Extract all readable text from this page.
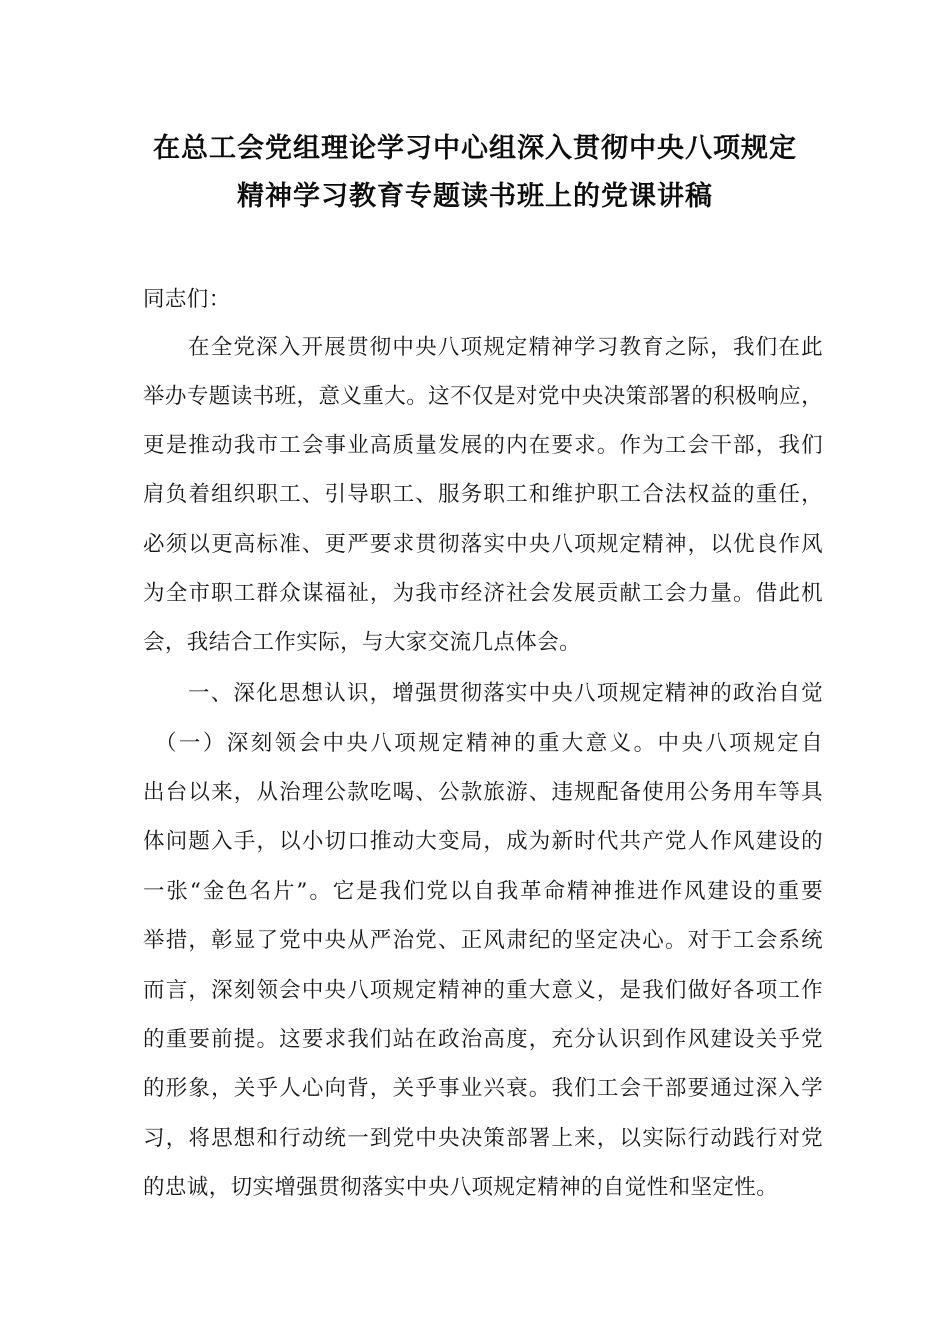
在总工会党组理论学习中心组深入贯彻中央八项规定
精神学习教育专题读书班上的党课讲稿
同志们：
在全党深入开展贯彻中央八项规定精神学习教育之际，我们在此
举办专题读书班，意义重大。这不仅是对党中央决策部署的积极响应，
更是推动我市工会事业高质量发展的内在要求。作为工会干部，我们
肩负着组织职工、引导职工、服务职工和维护职工合法权益的重任，
必须以更高标准、更严要求贯彻落实中央八项规定精神，以优良作风
为全市职工群众谋福祉，为我市经济社会发展贡献工会力量。借此机
会，我结合工作实际，与大家交流几点体会。
一、深化思想认识，增强贯彻落实中央八项规定精神的政治自觉
（一）深刻领会中央八项规定精神的重大意义。中央八项规定自
出台以来，从治理公款吃喝、公款旅游、违规配备使用公务用车等具
体问题入手，以小切口推动大变局，成为新时代共产党人作风建设的
一张“金色名片”。它是我们党以自我革命精神推进作风建设的重要
举措，彰显了党中央从严治党、正风肃纪的坚定决心。对于工会系统
而言，深刻领会中央八项规定精神的重大意义，是我们做好各项工作
的重要前提。这要求我们站在政治高度，充分认识到作风建设关乎党
的形象，关乎人心向背，关乎事业兴衰。我们工会干部要通过深入学
习，将思想和行动统一到党中央决策部署上来，以实际行动践行对党
的忠诚，切实增强贯彻落实中央八项规定精神的自觉性和坚定性。
